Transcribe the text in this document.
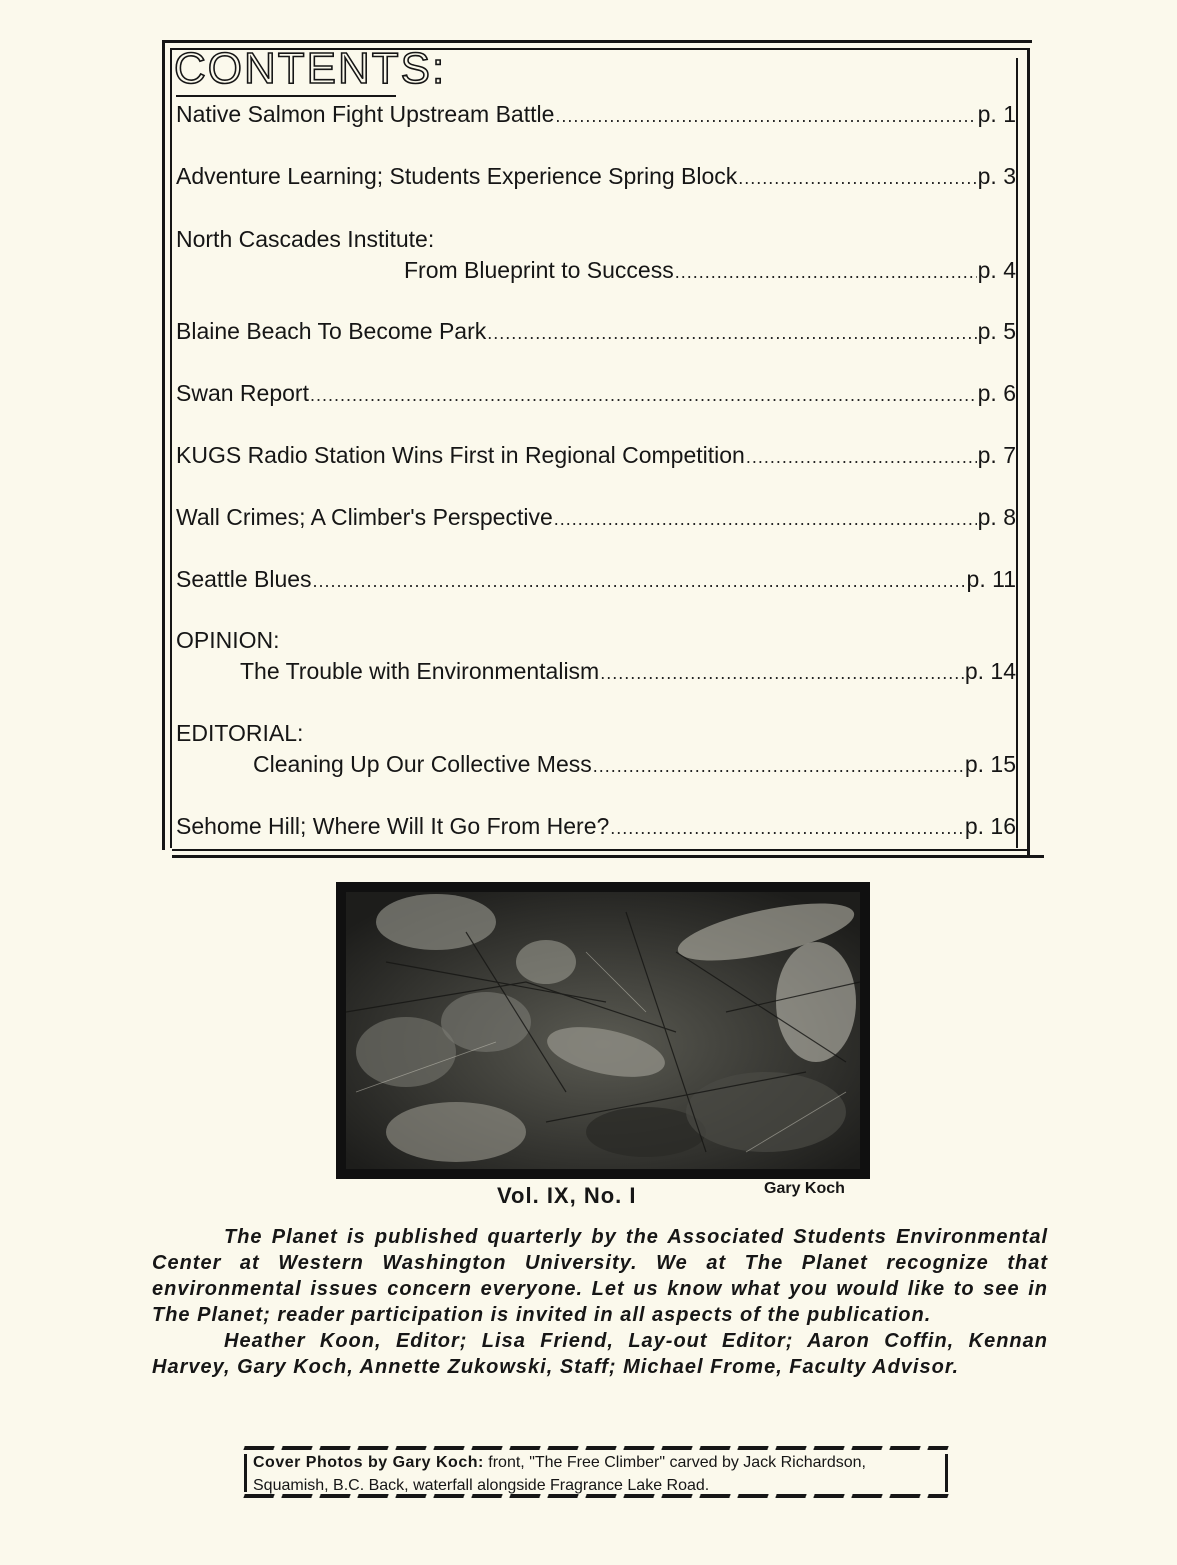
CONTENTS:
Native Salmon Fight Upstream Battle .....	p. 1
Adventure Learning; Students Experience Spring Block .....	p. 3
North Cascades Institute:
From Blueprint to Success .....	p. 4
Blaine Beach To Become Park .....	p. 5
Swan Report .....	p. 6
KUGS Radio Station Wins First in Regional Competition .....	p. 7
Wall Crimes; A Climber's Perspective .....	p. 8
Seattle Blues .....	p. 11
OPINION:
The Trouble with Environmentalism .....	p. 14
EDITORIAL:
Cleaning Up Our Collective Mess .....	p. 15
Sehome Hill; Where Will It Go From Here? .....	p. 16
Vol. IX, No. I	Gary Koch

The Planet is published quarterly by the Associated Students Environmental Center at Western Washington University. We at The Planet recognize that environmental issues concern everyone. Let us know what you would like to see in The Planet; reader participation is invited in all aspects of the publication.

Heather Koon, Editor; Lisa Friend, Lay-out Editor; Aaron Coffin, Kennan Harvey, Gary Koch, Annette Zukowski, Staff; Michael Frome, Faculty Advisor.

Cover Photos by Gary Koch: front, "The Free Climber" carved by Jack Richardson, Squamish, B.C. Back, waterfall alongside Fragrance Lake Road.
